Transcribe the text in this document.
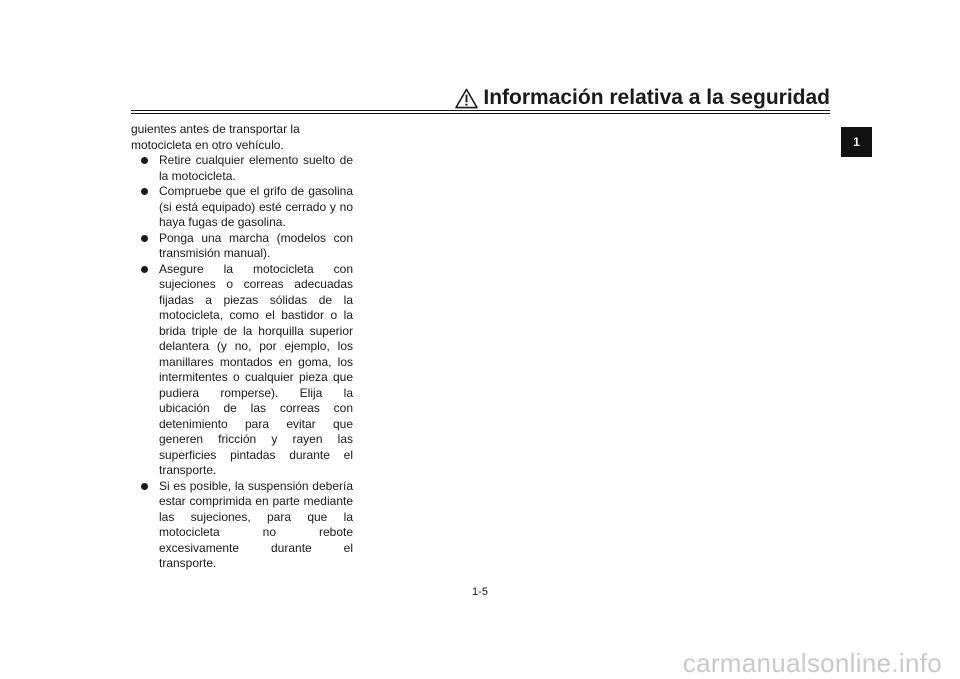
Información relativa a la seguridad
1

guientes antes de transportar la motocicleta en otro vehículo.

Retire cualquier elemento suelto de la motocicleta.
Compruebe que el grifo de gasolina (si está equipado) esté cerrado y no haya fugas de gasolina.
Ponga una marcha (modelos con transmisión manual).
Asegure la motocicleta con sujeciones o correas adecuadas fijadas a piezas sólidas de la motocicleta, como el bastidor o la brida triple de la horquilla superior delantera (y no, por ejemplo, los manillares montados en goma, los intermitentes o cualquier pieza que pudiera romperse). Elija la ubicación de las correas con detenimiento para evitar que generen fricción y rayen las superficies pintadas durante el transporte.
Si es posible, la suspensión debería estar comprimida en parte mediante las sujeciones, para que la motocicleta no rebote excesivamente durante el transporte.
1-5
carmanualsonline.info
